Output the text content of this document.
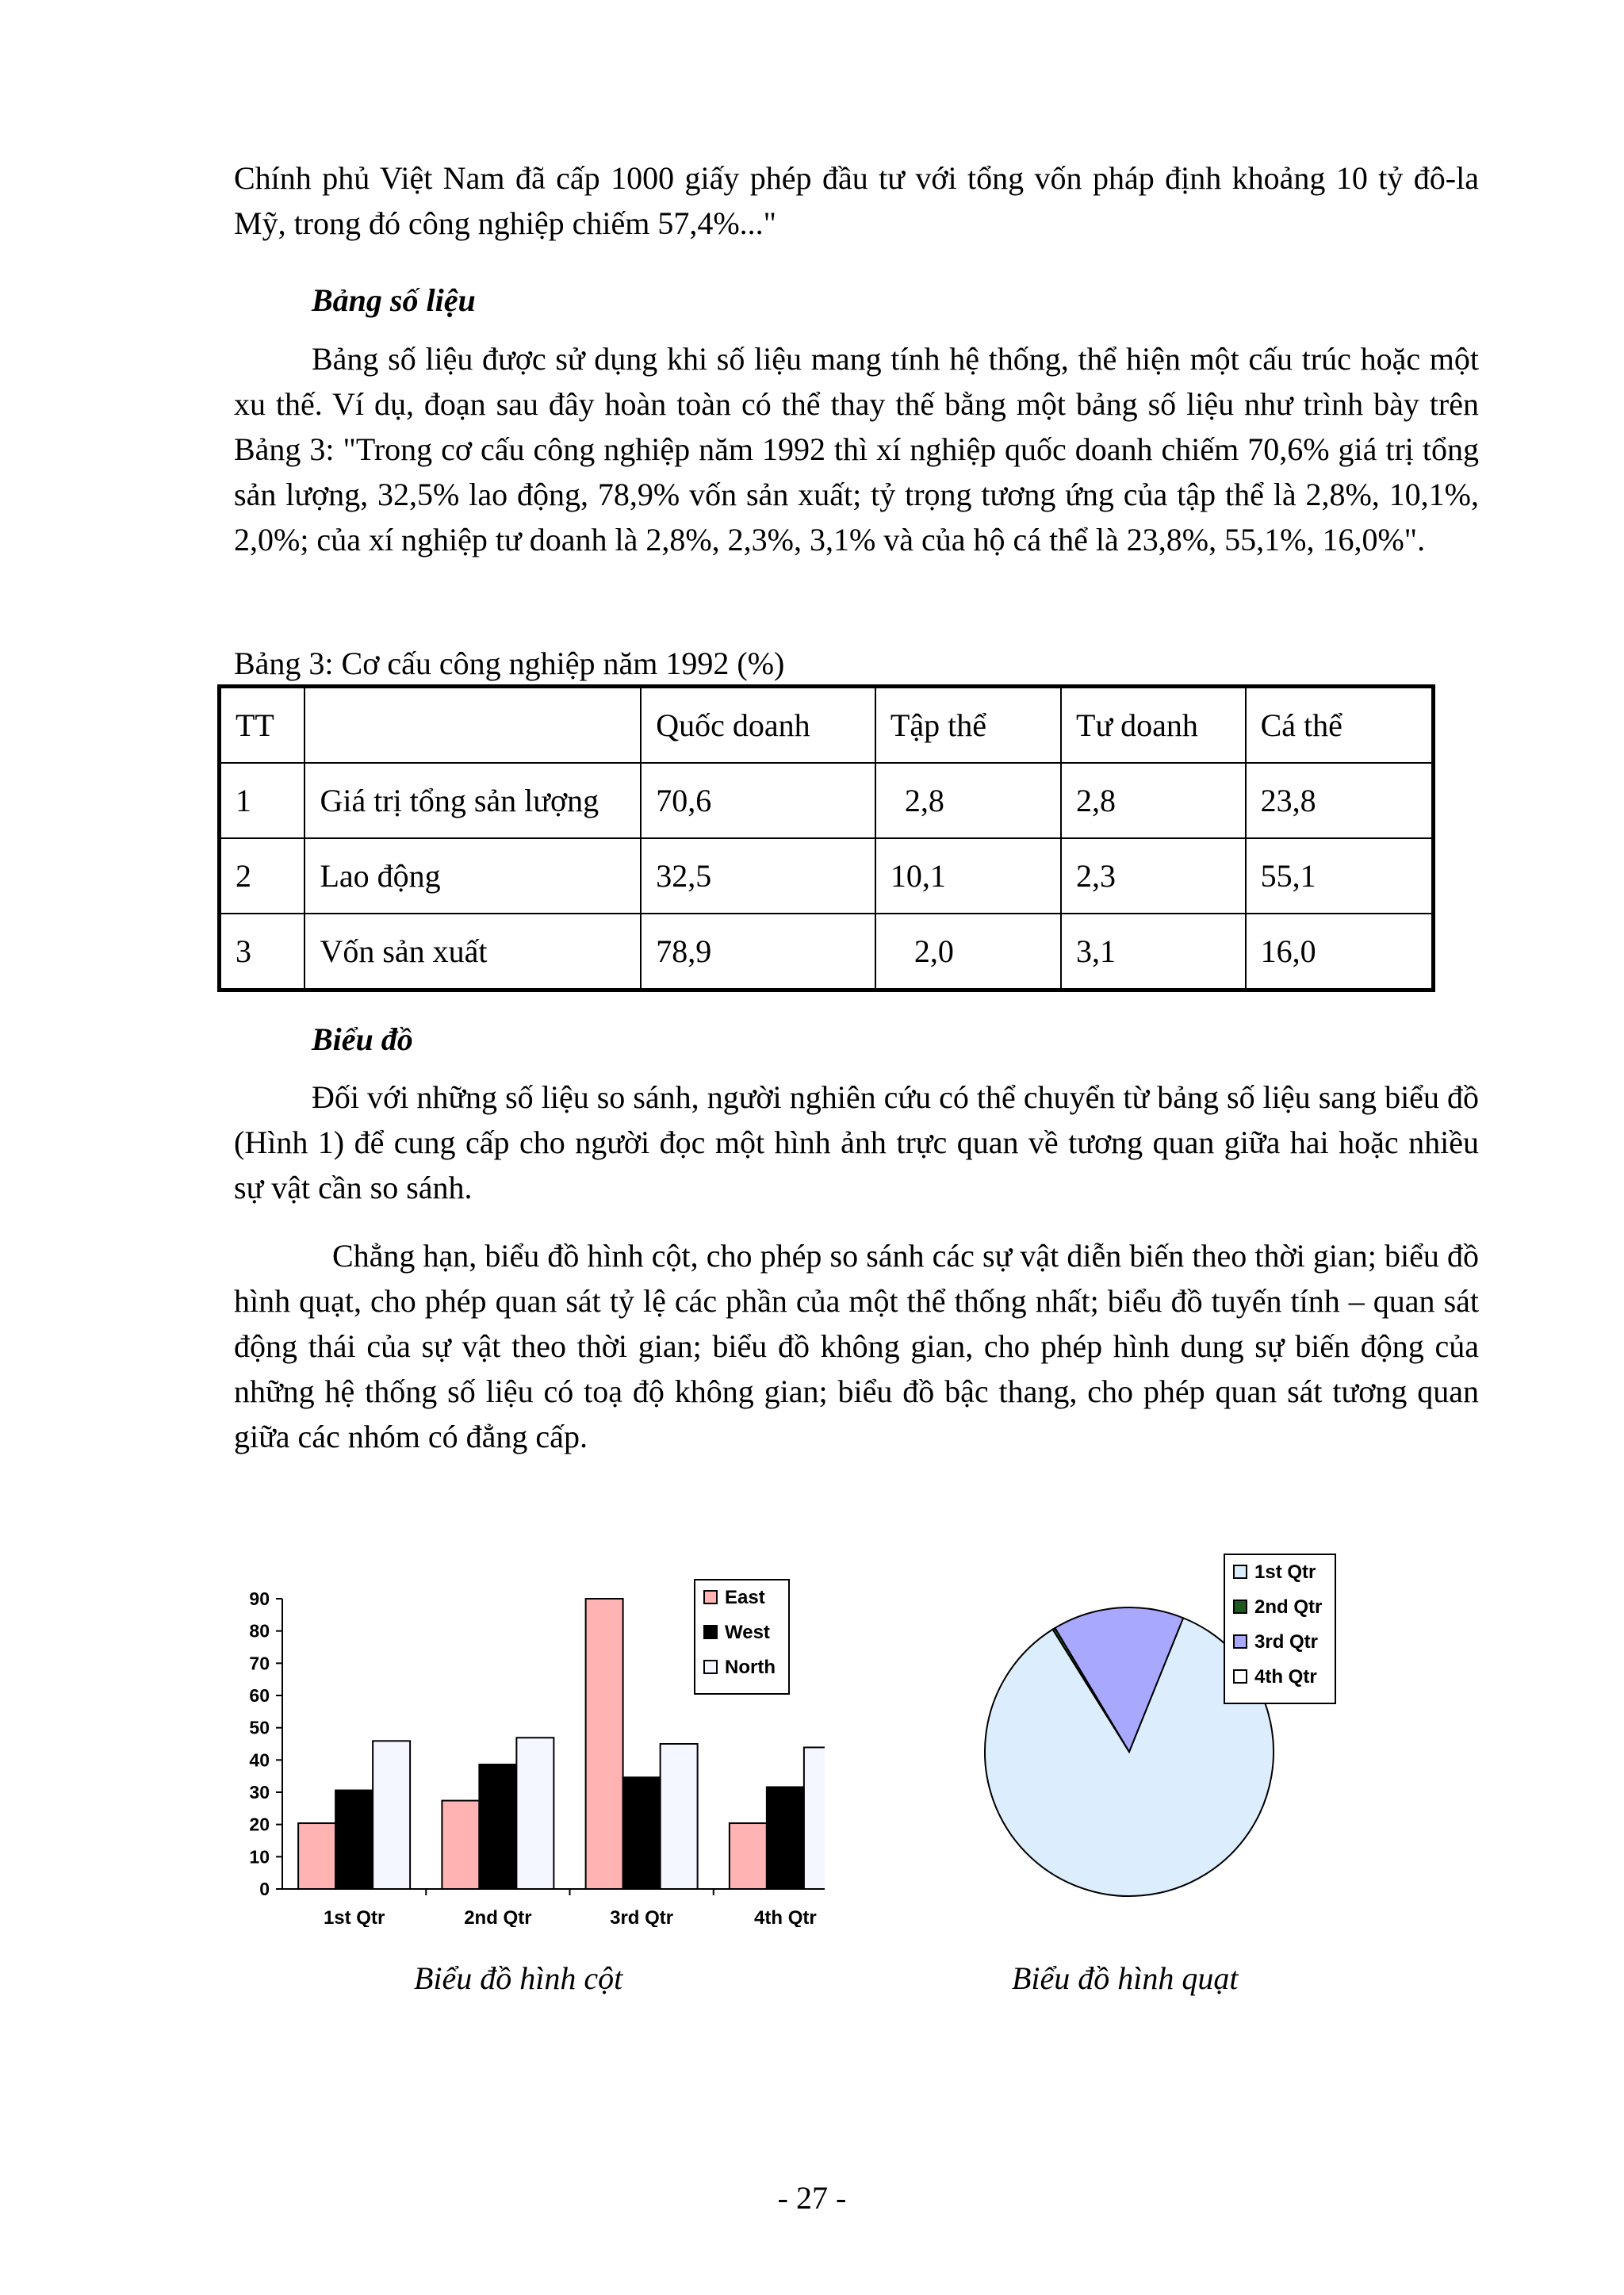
Chính phủ Việt Nam đã cấp 1000 giấy phép đầu tư với tổng vốn pháp định khoảng 10 tỷ đô-la Mỹ, trong đó công nghiệp chiếm 57,4%..."

Bảng số liệu

Bảng số liệu được sử dụng khi số liệu mang tính hệ thống, thể hiện một cấu trúc hoặc một xu thế. Ví dụ, đoạn sau đây hoàn toàn có thể thay thế bằng một bảng số liệu như trình bày trên Bảng 3: "Trong cơ cấu công nghiệp năm 1992 thì xí nghiệp quốc doanh chiếm 70,6% giá trị tổng sản lượng, 32,5% lao động, 78,9% vốn sản xuất; tỷ trọng tương ứng của tập thể là 2,8%, 10,1%, 2,0%; của xí nghiệp tư doanh là 2,8%, 2,3%, 3,1% và của hộ cá thể là 23,8%, 55,1%, 16,0%".

Bảng 3: Cơ cấu công nghiệp năm 1992 (%)

TT		Quốc doanh	Tập thể	Tư doanh	Cá thể
1	Giá trị tổng sản lượng	70,6	2,8	2,8	23,8
2	Lao động	32,5	10,1	2,3	55,1
3	Vốn sản xuất	78,9	2,0	3,1	16,0

Biểu đồ

Đối với những số liệu so sánh, người nghiên cứu có thể chuyển từ bảng số liệu sang biểu đồ (Hình 1) để cung cấp cho người đọc một hình ảnh trực quan về tương quan giữa hai hoặc nhiều sự vật cần so sánh.

Chẳng hạn, biểu đồ hình cột, cho phép so sánh các sự vật diễn biến theo thời gian; biểu đồ hình quạt, cho phép quan sát tỷ lệ các phần của một thể thống nhất; biểu đồ tuyến tính – quan sát động thái của sự vật theo thời gian; biểu đồ không gian, cho phép hình dung sự biến động của những hệ thống số liệu có toạ độ không gian; biểu đồ bậc thang, cho phép quan sát tương quan giữa các nhóm có đẳng cấp.

0
10
20
30
40
50
60
70
80
90
1st Qtr	2nd Qtr	3rd Qtr	4th Qtr
East
West
North
1st Qtr
2nd Qtr
3rd Qtr
4th Qtr

Biểu đồ hình cột	Biểu đồ hình quạt

- 27 -
